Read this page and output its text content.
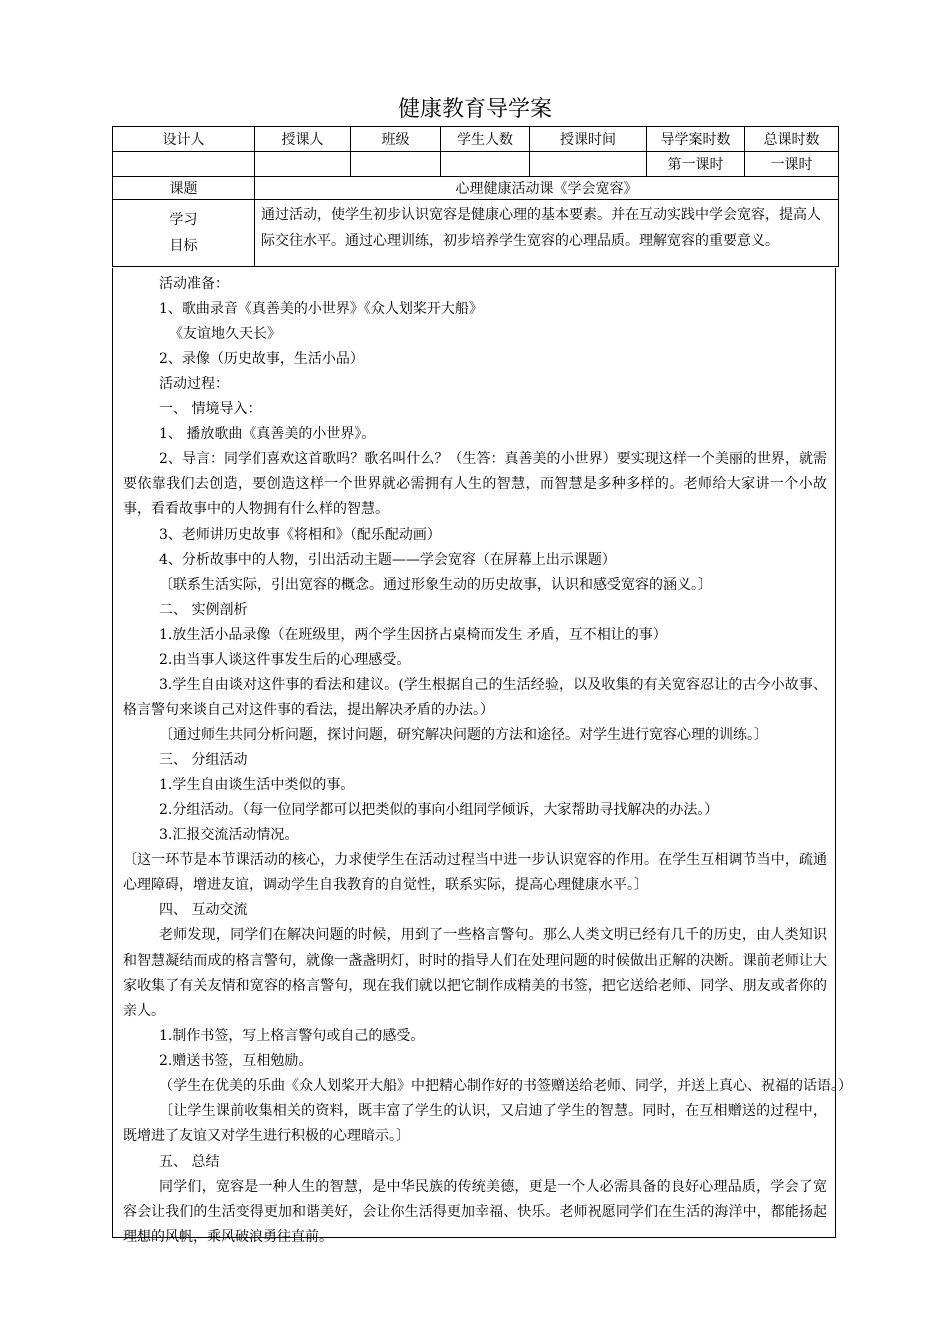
健康教育导学案
设计人	授课人	班级	学生人数	授课时间	导学案时数	总课时数
					第一课时	一课时
课题	心理健康活动课《学会宽容》					

学习
目标	通过活动，使学生初步认识宽容是健康心理的基本要素。并在互动实践中学会宽容，提高人际交往水平。通过心理训练，初步培养学生宽容的心理品质。理解宽容的重要意义。					

活动准备：

1、歌曲录音《真善美的小世界》《众人划桨开大船》

《友谊地久天长》

2、录像（历史故事，生活小品）

活动过程：

一、 情境导入：

1、 播放歌曲《真善美的小世界》。

2、导言：同学们喜欢这首歌吗？歌名叫什么？（生答：真善美的小世界）要实现这样一个美丽的世界，就需要依靠我们去创造，要创造这样一个世界就必需拥有人生的智慧，而智慧是多种多样的。老师给大家讲一个小故事，看看故事中的人物拥有什么样的智慧。

3、老师讲历史故事《将相和》（配乐配动画）

4、分析故事中的人物，引出活动主题——学会宽容（在屏幕上出示课题）

〔联系生活实际，引出宽容的概念。通过形象生动的历史故事，认识和感受宽容的涵义。〕

二、 实例剖析

1.放生活小品录像（在班级里，两个学生因挤占桌椅而发生 矛盾，互不相让的事）

2.由当事人谈这件事发生后的心理感受。

3.学生自由谈对这件事的看法和建议。(学生根据自己的生活经验，以及收集的有关宽容忍让的古今小故事、格言警句来谈自己对这件事的看法，提出解决矛盾的办法。）

〔通过师生共同分析问题，探讨问题，研究解决问题的方法和途径。对学生进行宽容心理的训练。〕

三、 分组活动

1.学生自由谈生活中类似的事。

2.分组活动。（每一位同学都可以把类似的事向小组同学倾诉，大家帮助寻找解决的办法。）

3.汇报交流活动情况。

〔这一环节是本节课活动的核心，力求使学生在活动过程当中进一步认识宽容的作用。在学生互相调节当中，疏通心理障碍，增进友谊，调动学生自我教育的自觉性，联系实际，提高心理健康水平。〕

四、 互动交流

老师发现，同学们在解决问题的时候，用到了一些格言警句。那么人类文明已经有几千的历史，由人类知识和智慧凝结而成的格言警句，就像一盏盏明灯，时时的指导人们在处理问题的时候做出正解的决断。课前老师让大家收集了有关友情和宽容的格言警句，现在我们就以把它制作成精美的书签，把它送给老师、同学、朋友或者你的亲人。

1.制作书签，写上格言警句或自己的感受。

2.赠送书签，互相勉励。

（学生在优美的乐曲《众人划桨开大船》中把精心制作好的书签赠送给老师、同学，并送上真心、祝福的话语。）

〔让学生课前收集相关的资料，既丰富了学生的认识，又启迪了学生的智慧。同时，在互相赠送的过程中，既增进了友谊又对学生进行积极的心理暗示。〕

五、 总结

同学们，宽容是一种人生的智慧，是中华民族的传统美德，更是一个人必需具备的良好心理品质，学会了宽容会让我们的生活变得更加和谐美好，会让你生活得更加幸福、快乐。老师祝愿同学们在生活的海洋中，都能扬起理想的风帆，乘风破浪勇往直前。
